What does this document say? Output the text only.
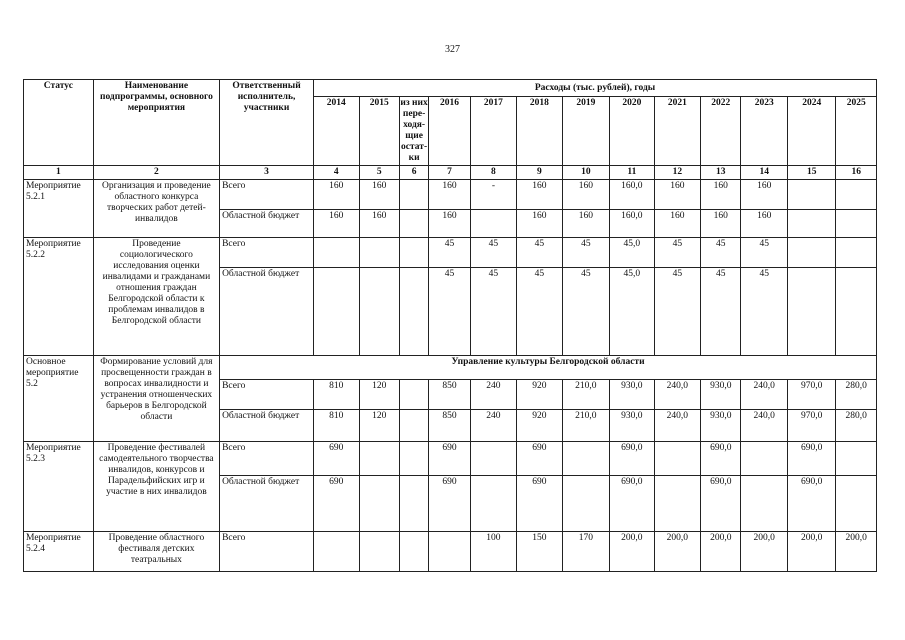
327
Статус	Наименование подпрограммы, основного мероприятия	Ответственный исполнитель, участники	Расходы (тыс. рублей), годы												
			2014	2015	из них пере-ходя-щие остат-ки	2016	2017	2018	2019	2020	2021	2022	2023	2024	2025
1	2	3	4	5	6	7	8	9	10	11	12	13	14	15	16
Мероприятие 5.2.1	Организация и проведение областного конкурса творческих работ детей-инвалидов	Всего	160	160		160	-	160	160	160,0	160	160	160		
		Областной бюджет	160	160		160		160	160	160,0	160	160	160		
Мероприятие 5.2.2	Проведение социологического исследования оценки инвалидами и гражданами отношения граждан Белгородской области к проблемам инвалидов в Белгородской области	Всего				45	45	45	45	45,0	45	45	45		
		Областной бюджет				45	45	45	45	45,0	45	45	45		
Основное мероприятие 5.2	Формирование условий для просвещенности граждан в вопросах инвалидности и устранения отношенческих барьеров в Белгородской области	Управление культуры Белгородской области													
		Всего	810	120		850	240	920	210,0	930,0	240,0	930,0	240,0	970,0	280,0
		Областной бюджет	810	120		850	240	920	210,0	930,0	240,0	930,0	240,0	970,0	280,0
Мероприятие 5.2.3	Проведение фестивалей самодеятельного творчества инвалидов, конкурсов и Парадельфийских игр и участие в них инвалидов	Всего	690			690		690		690,0		690,0		690,0	
		Областной бюджет	690			690		690		690,0		690,0		690,0	
Мероприятие 5.2.4	Проведение областного фестиваля детских театральных	Всего					100	150	170	200,0	200,0	200,0	200,0	200,0	200,0
